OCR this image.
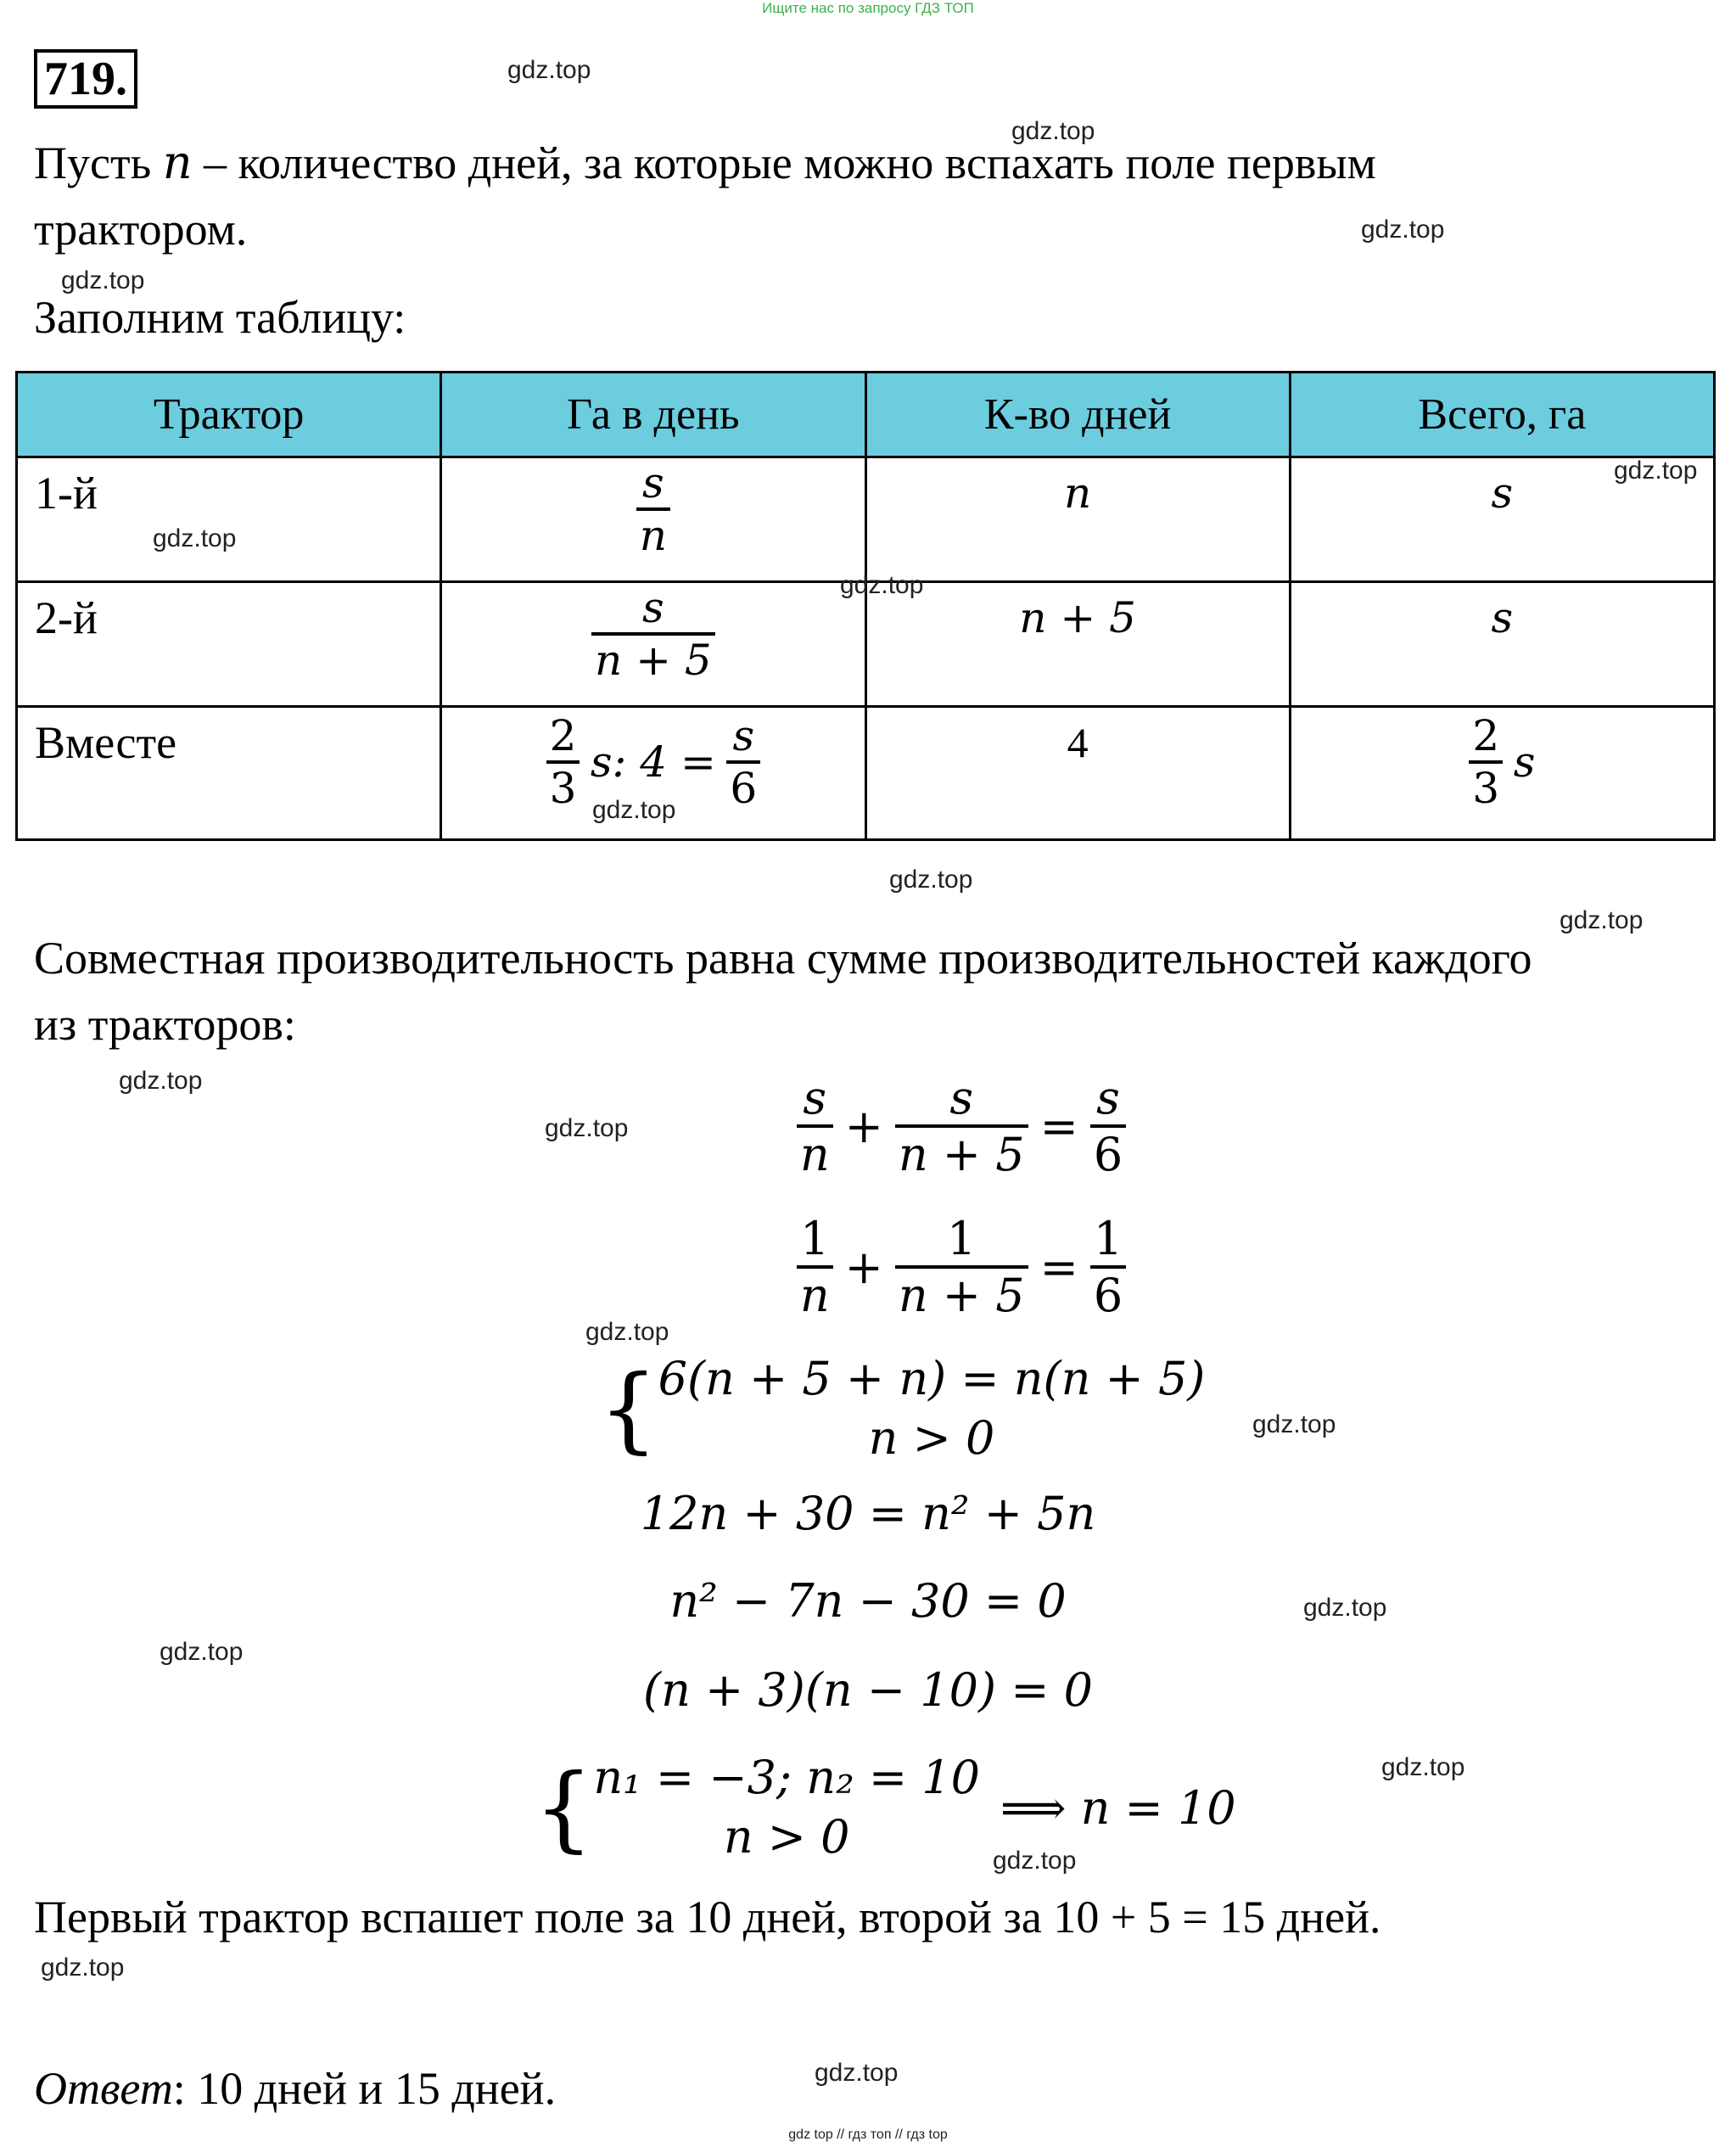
Ищите нас по запросу ГДЗ ТОП
719.
Пусть n – количество дней, за которые можно вспахать поле первым
трактором.
Заполним таблицу:
Трактор	Га в день	К-во дней	Всего, га

1-й	$\frac{s}{n}$	n	s

2-й	$\frac{s}{n + 5}$	n + 5	s

Вместе	$\frac{2}{3} s$: $4 = \frac{s}{6}$	4	$\frac{2}{3}$ s
Совместная производительность равна сумме производительностей каждого
из тракторов:
$\frac{s}{n} + \frac{s}{n + 5} = \frac{s}{6}$
$\frac{1}{n} + \frac{1}{n + 5} = \frac{1}{6}$
{ 6(n + 5 + n) = n(n + 5)
n > 0
12n + 30 = n² + 5n
n² − 7n − 30 = 0
(n + 3)(n − 10) = 0
{ n₁ = −3; n₂ = 10
n > 0
⟹ n = 10
Первый трактор вспашет поле за 10 дней, второй за 10 + 5 = 15 дней.
Ответ: 10 дней и 15 дней.
gdz.top
gdz.top
gdz.top
gdz.top
gdz.top
gdz.top
gdz.top
gdz.top
gdz.top
gdz.top
gdz.top
gdz.top
gdz.top
gdz.top
gdz.top
gdz.top
gdz.top
gdz.top
gdz.top
gdz.top
gdz top // гдз топ // гдз top
